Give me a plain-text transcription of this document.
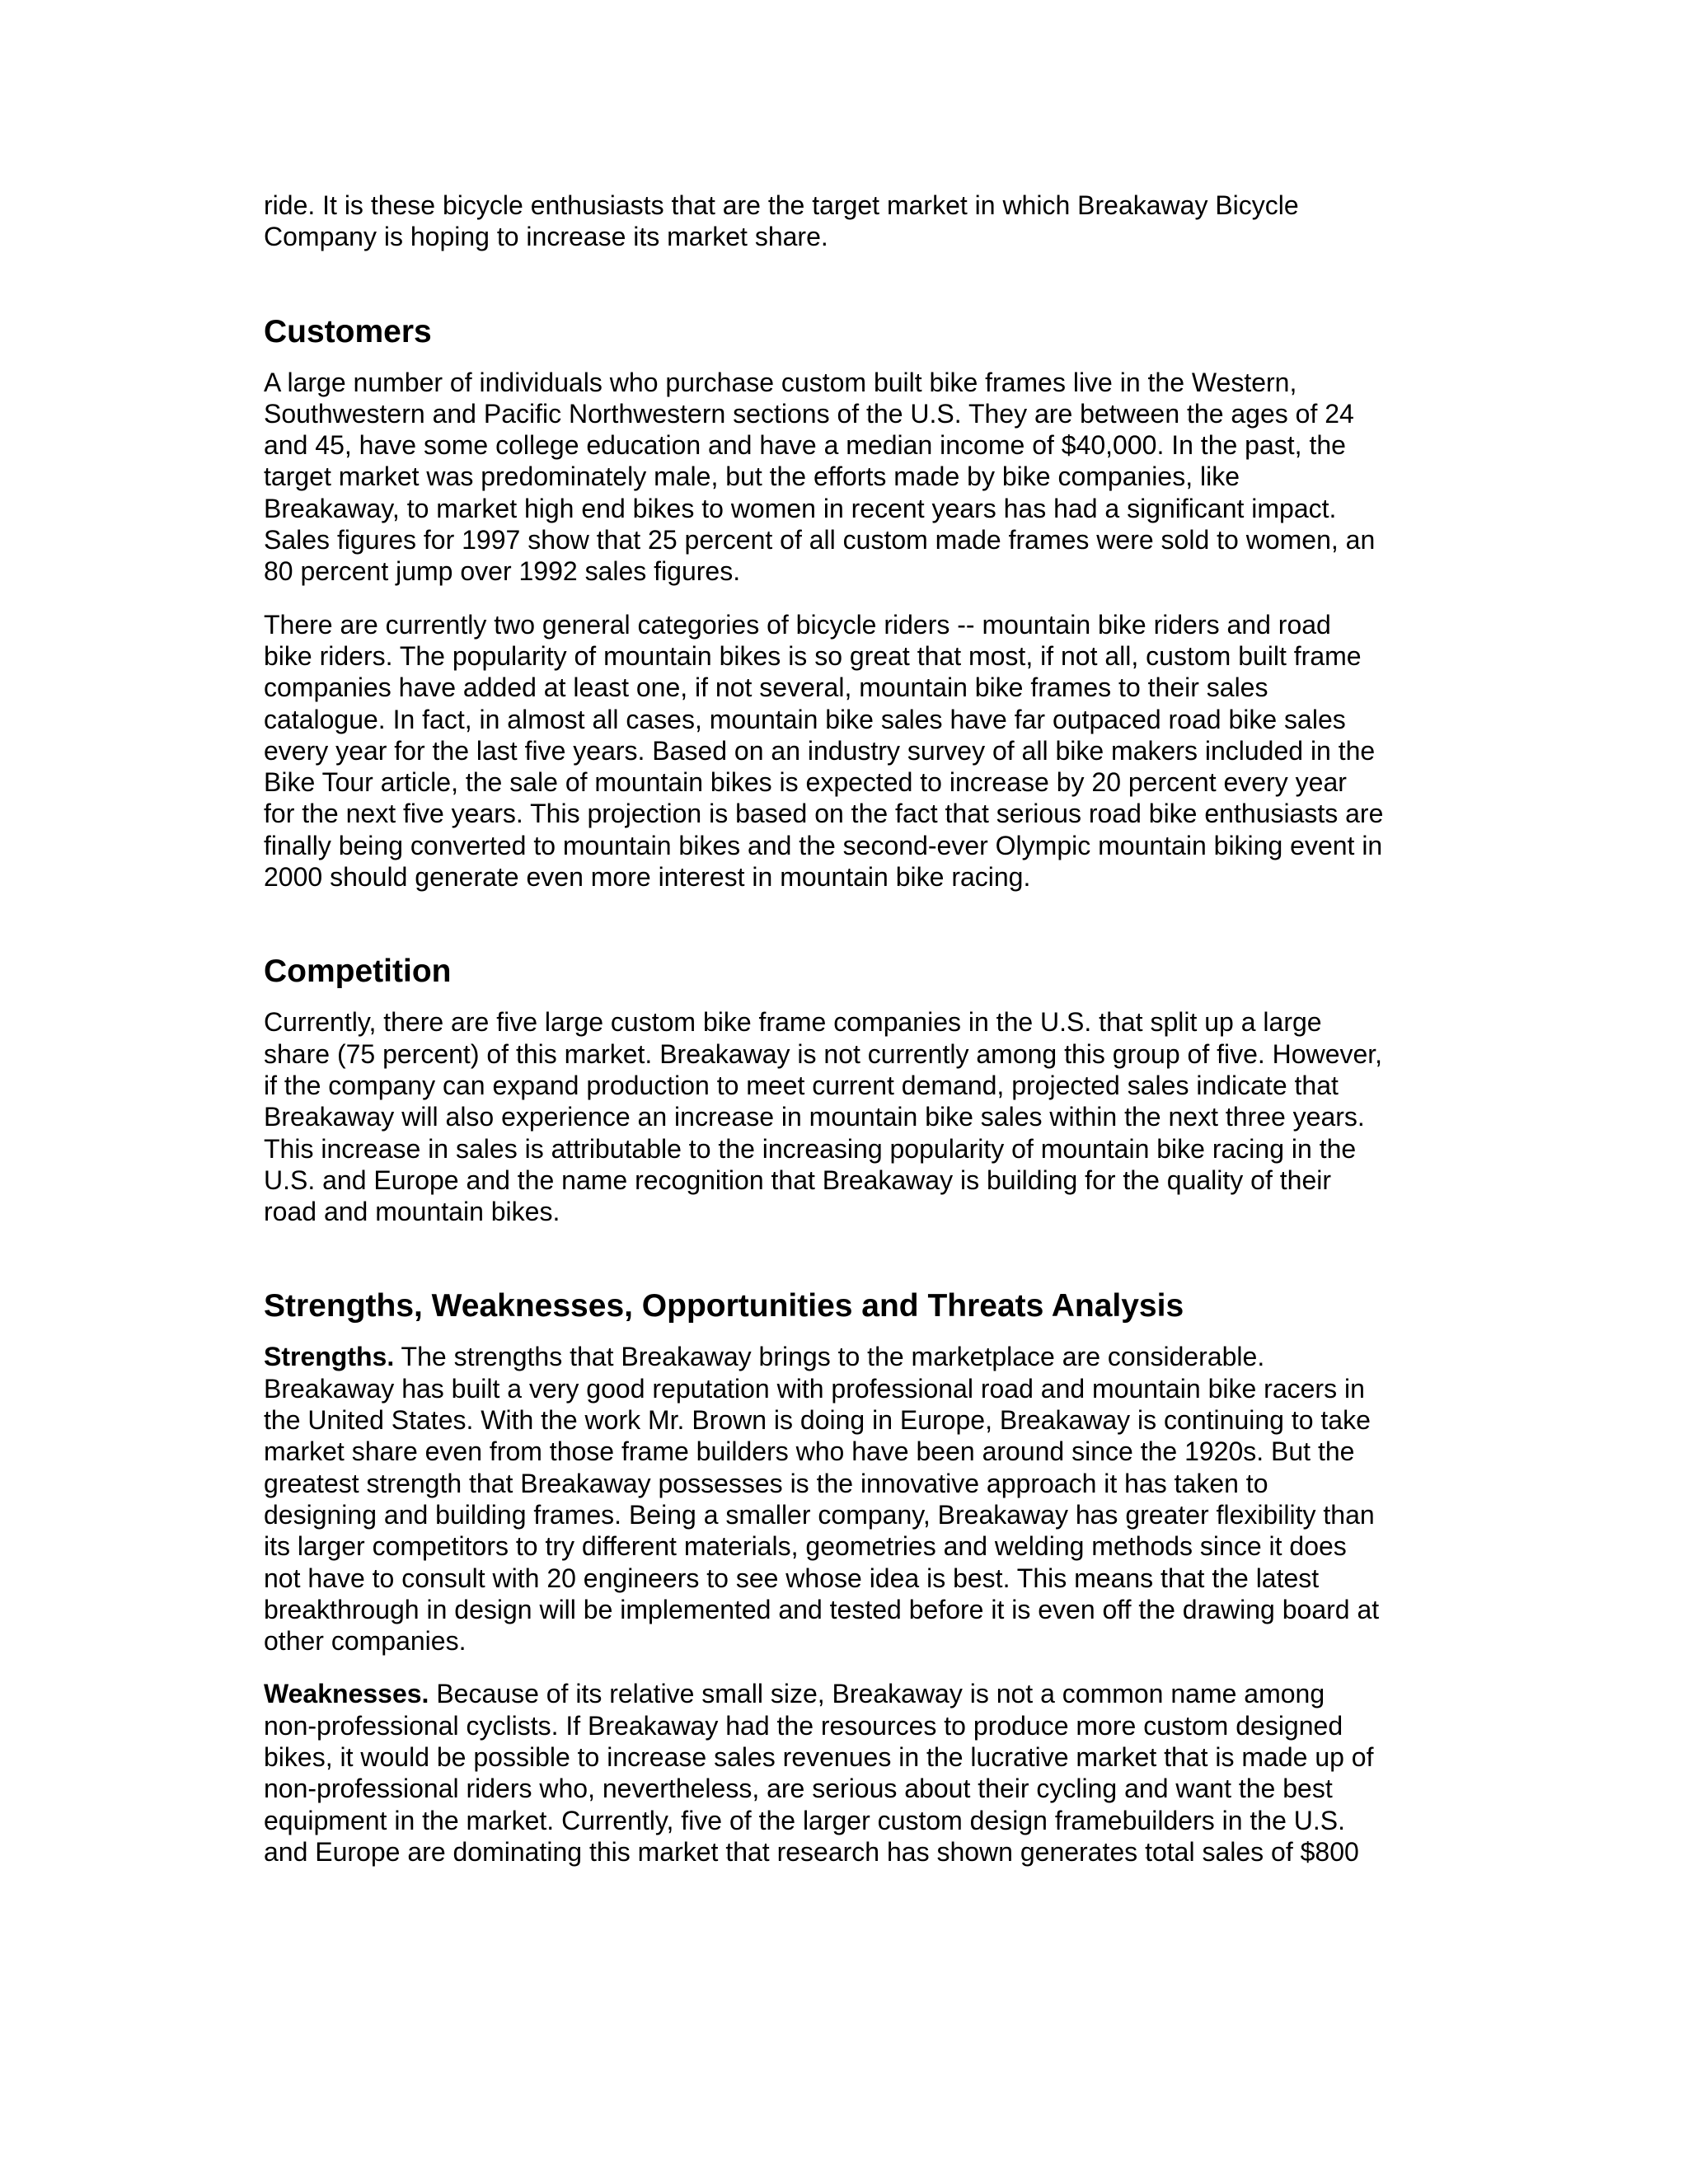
ride. It is these bicycle enthusiasts that are the target market in which Breakaway Bicycle
Company is hoping to increase its market share.

Customers

A large number of individuals who purchase custom built bike frames live in the Western,
Southwestern and Pacific Northwestern sections of the U.S. They are between the ages of 24
and 45, have some college education and have a median income of $40,000. In the past, the
target market was predominately male, but the efforts made by bike companies, like
Breakaway, to market high end bikes to women in recent years has had a significant impact.
Sales figures for 1997 show that 25 percent of all custom made frames were sold to women, an
80 percent jump over 1992 sales figures.

There are currently two general categories of bicycle riders -- mountain bike riders and road
bike riders. The popularity of mountain bikes is so great that most, if not all, custom built frame
companies have added at least one, if not several, mountain bike frames to their sales
catalogue. In fact, in almost all cases, mountain bike sales have far outpaced road bike sales
every year for the last five years. Based on an industry survey of all bike makers included in the
Bike Tour article, the sale of mountain bikes is expected to increase by 20 percent every year
for the next five years. This projection is based on the fact that serious road bike enthusiasts are
finally being converted to mountain bikes and the second-ever Olympic mountain biking event in
2000 should generate even more interest in mountain bike racing.

Competition

Currently, there are five large custom bike frame companies in the U.S. that split up a large
share (75 percent) of this market. Breakaway is not currently among this group of five. However,
if the company can expand production to meet current demand, projected sales indicate that
Breakaway will also experience an increase in mountain bike sales within the next three years.
This increase in sales is attributable to the increasing popularity of mountain bike racing in the
U.S. and Europe and the name recognition that Breakaway is building for the quality of their
road and mountain bikes.

Strengths, Weaknesses, Opportunities and Threats Analysis

Strengths. The strengths that Breakaway brings to the marketplace are considerable.
Breakaway has built a very good reputation with professional road and mountain bike racers in
the United States. With the work Mr. Brown is doing in Europe, Breakaway is continuing to take
market share even from those frame builders who have been around since the 1920s. But the
greatest strength that Breakaway possesses is the innovative approach it has taken to
designing and building frames. Being a smaller company, Breakaway has greater flexibility than
its larger competitors to try different materials, geometries and welding methods since it does
not have to consult with 20 engineers to see whose idea is best. This means that the latest
breakthrough in design will be implemented and tested before it is even off the drawing board at
other companies.

Weaknesses. Because of its relative small size, Breakaway is not a common name among
non-professional cyclists. If Breakaway had the resources to produce more custom designed
bikes, it would be possible to increase sales revenues in the lucrative market that is made up of
non-professional riders who, nevertheless, are serious about their cycling and want the best
equipment in the market. Currently, five of the larger custom design framebuilders in the U.S.
and Europe are dominating this market that research has shown generates total sales of $800
